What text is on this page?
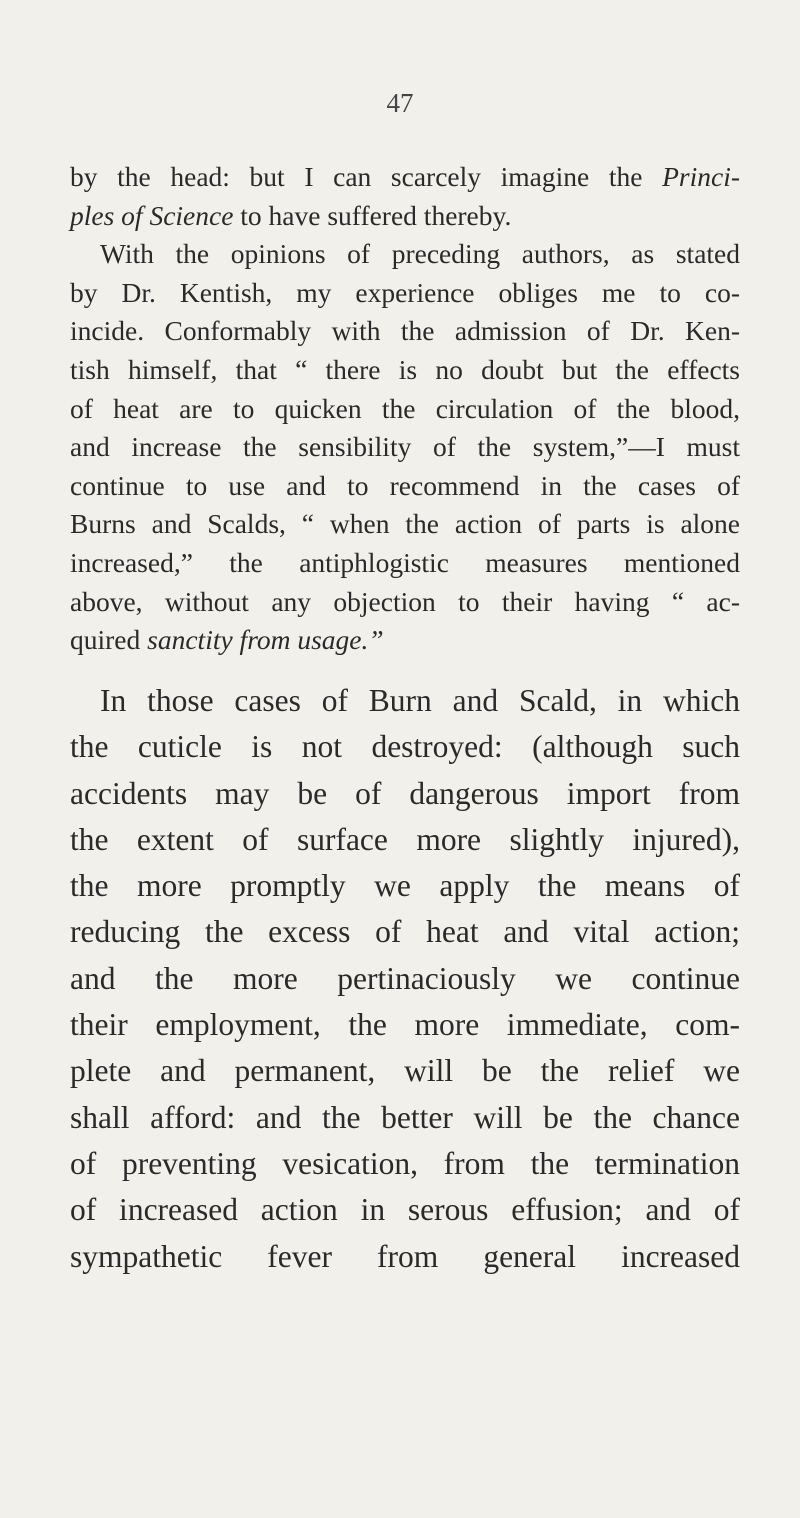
47
by the head: but I can scarcely imagine the Princi-
ples of Science to have suffered thereby.
With the opinions of preceding authors, as stated
by Dr. Kentish, my experience obliges me to co-
incide. Conformably with the admission of Dr. Ken-
tish himself, that “ there is no doubt but the effects
of heat are to quicken the circulation of the blood,
and increase the sensibility of the system,”—I must
continue to use and to recommend in the cases of
Burns and Scalds, “ when the action of parts is alone
increased,” the antiphlogistic measures mentioned
above, without any objection to their having “ ac-
quired sanctity from usage.”
In those cases of Burn and Scald, in which
the cuticle is not destroyed: (although such
accidents may be of dangerous import from
the extent of surface more slightly injured),
the more promptly we apply the means of
reducing the excess of heat and vital action;
and the more pertinaciously we continue
their employment, the more immediate, com-
plete and permanent, will be the relief we
shall afford: and the better will be the chance
of preventing vesication, from the termination
of increased action in serous effusion; and of
sympathetic fever from general increased
